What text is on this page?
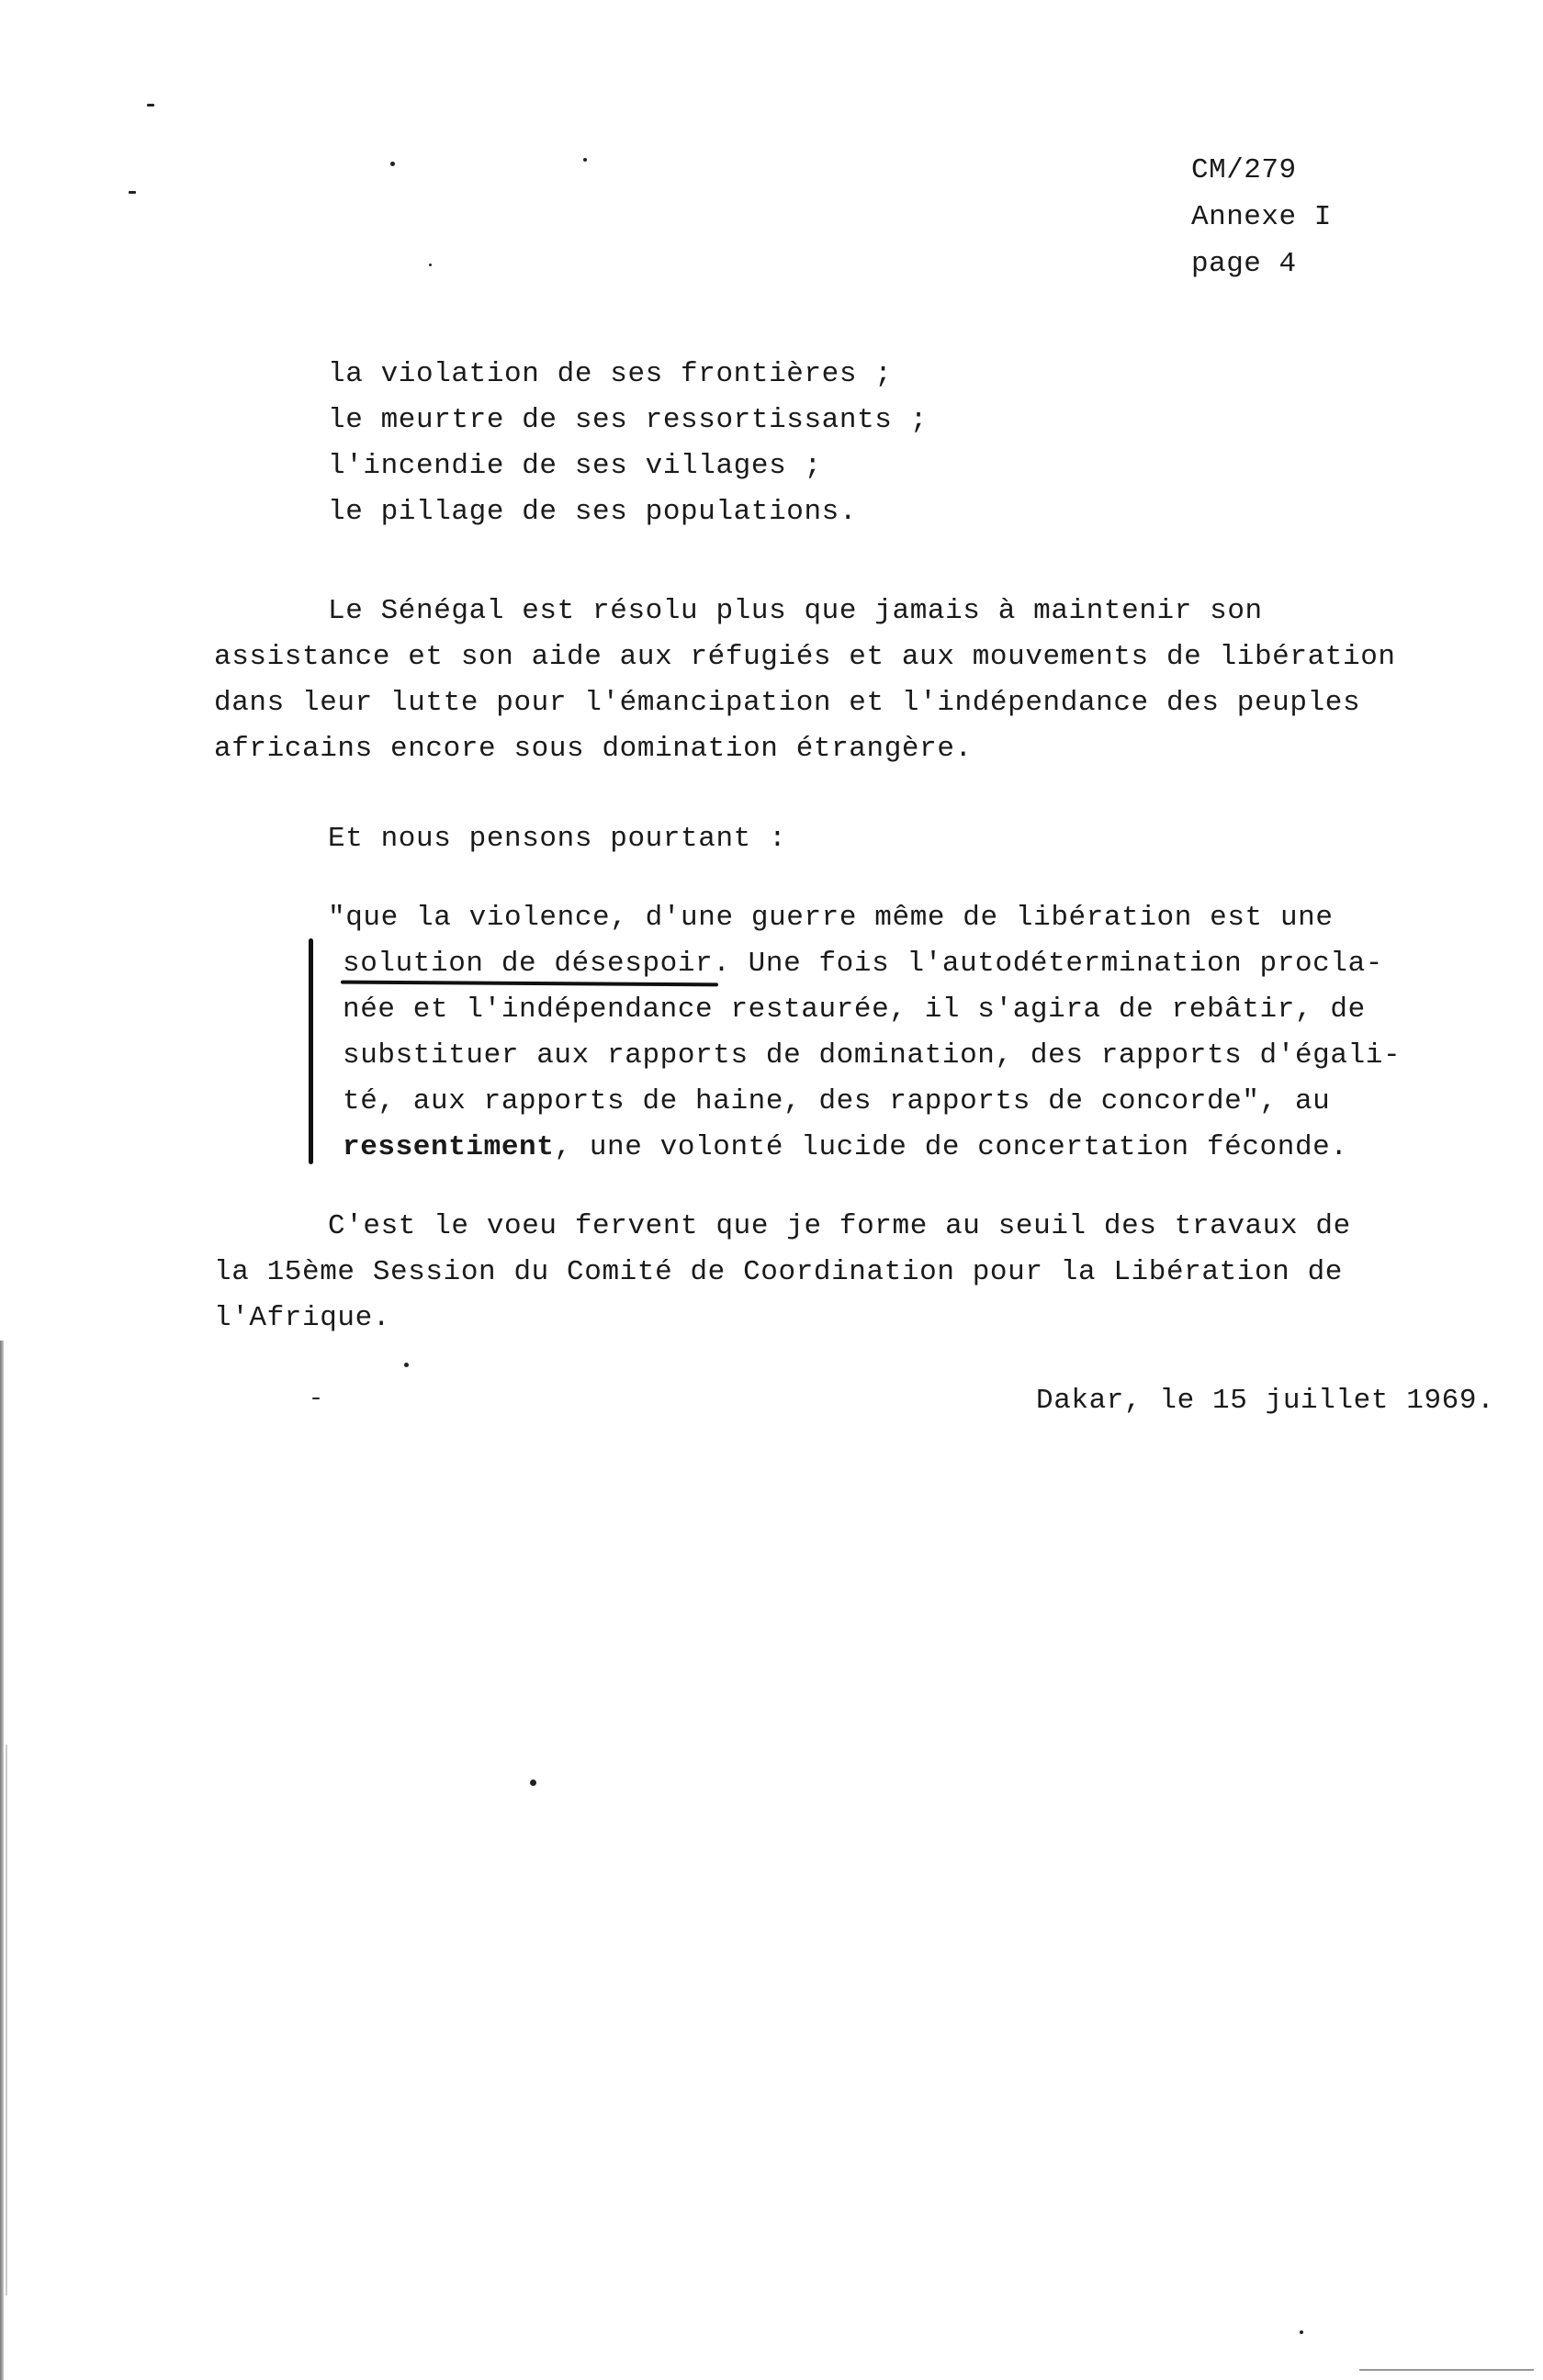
CM/279
Annexe I
page 4
la violation de ses frontières ;
le meurtre de ses ressortissants ;
l'incendie de ses villages ;
le pillage de ses populations.
Le Sénégal est résolu plus que jamais à maintenir son
assistance et son aide aux réfugiés et aux mouvements de libération
dans leur lutte pour l'émancipation et l'indépendance des peuples
africains encore sous domination étrangère.
Et nous pensons pourtant :
"que la violence, d'une guerre même de libération est une
solution de désespoir. Une fois l'autodétermination procla-
née et l'indépendance restaurée, il s'agira de rebâtir, de
substituer aux rapports de domination, des rapports d'égali-
té, aux rapports de haine, des rapports de concorde", au
ressentiment, une volonté lucide de concertation féconde.
C'est le voeu fervent que je forme au seuil des travaux de
la 15ème Session du Comité de Coordination pour la Libération de
l'Afrique.
Dakar, le 15 juillet 1969.
